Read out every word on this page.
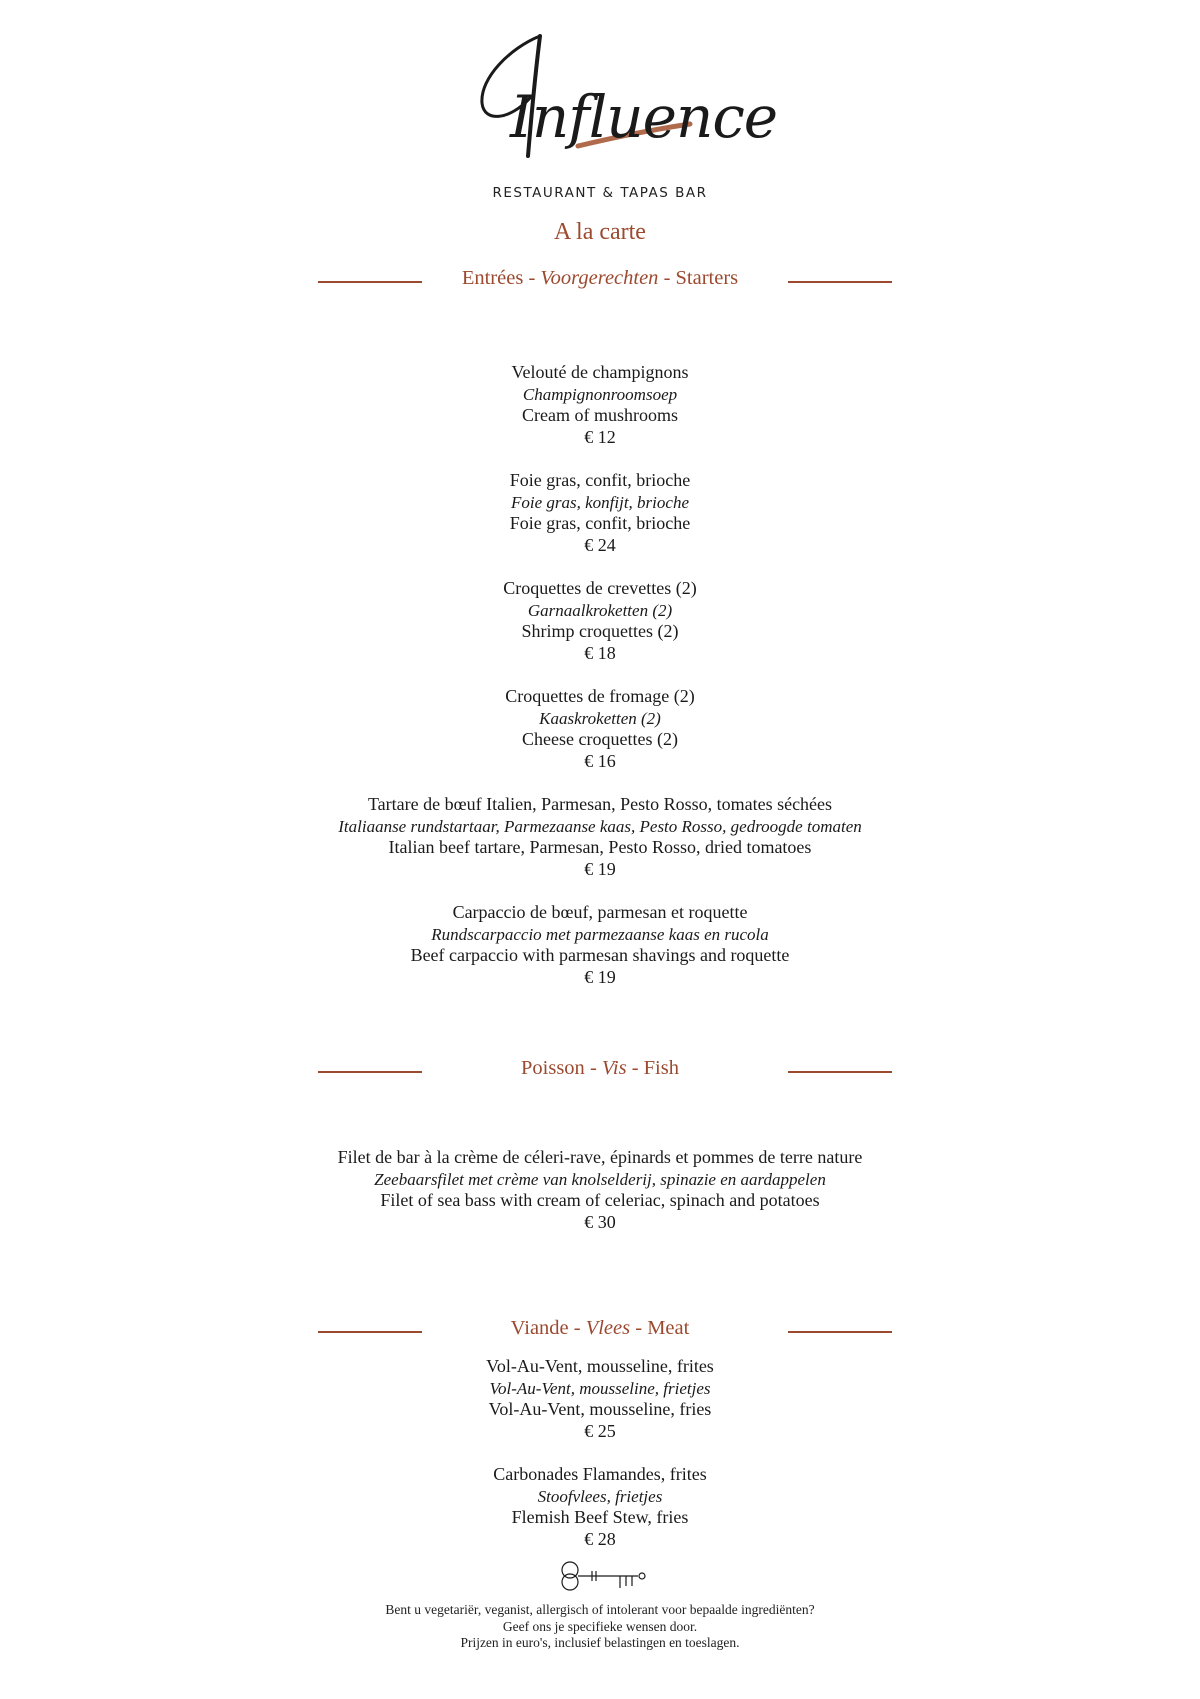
Influence
RESTAURANT & TAPAS BAR
A la carte
Entrées - Voorgerechten - Starters
Velouté de champignons
Champignonroomsoep
Cream of mushrooms
€ 12
Foie gras, confit, brioche
Foie gras, konfijt, brioche
Foie gras, confit, brioche
€ 24
Croquettes de crevettes (2)
Garnaalkroketten (2)
Shrimp croquettes (2)
€ 18
Croquettes de fromage (2)
Kaaskroketten (2)
Cheese croquettes (2)
€ 16
Tartare de bœuf Italien, Parmesan, Pesto Rosso, tomates séchées
Italiaanse rundstartaar, Parmezaanse kaas, Pesto Rosso, gedroogde tomaten
Italian beef tartare, Parmesan, Pesto Rosso, dried tomatoes
€ 19
Carpaccio de bœuf, parmesan et roquette
Rundscarpaccio met parmezaanse kaas en rucola
Beef carpaccio with parmesan shavings and roquette
€ 19
Poisson - Vis - Fish
Filet de bar à la crème de céleri-rave, épinards et pommes de terre nature
Zeebaarsfilet met crème van knolselderij, spinazie en aardappelen
Filet of sea bass with cream of celeriac, spinach and potatoes
€ 30
Viande - Vlees - Meat
Vol-Au-Vent, mousseline, frites
Vol-Au-Vent, mousseline, frietjes
Vol-Au-Vent, mousseline, fries
€ 25
Carbonades Flamandes, frites
Stoofvlees, frietjes
Flemish Beef Stew, fries
€ 28
Bent u vegetariër, veganist, allergisch of intolerant voor bepaalde ingrediënten?
Geef ons je specifieke wensen door.
Prijzen in euro's, inclusief belastingen en toeslagen.
